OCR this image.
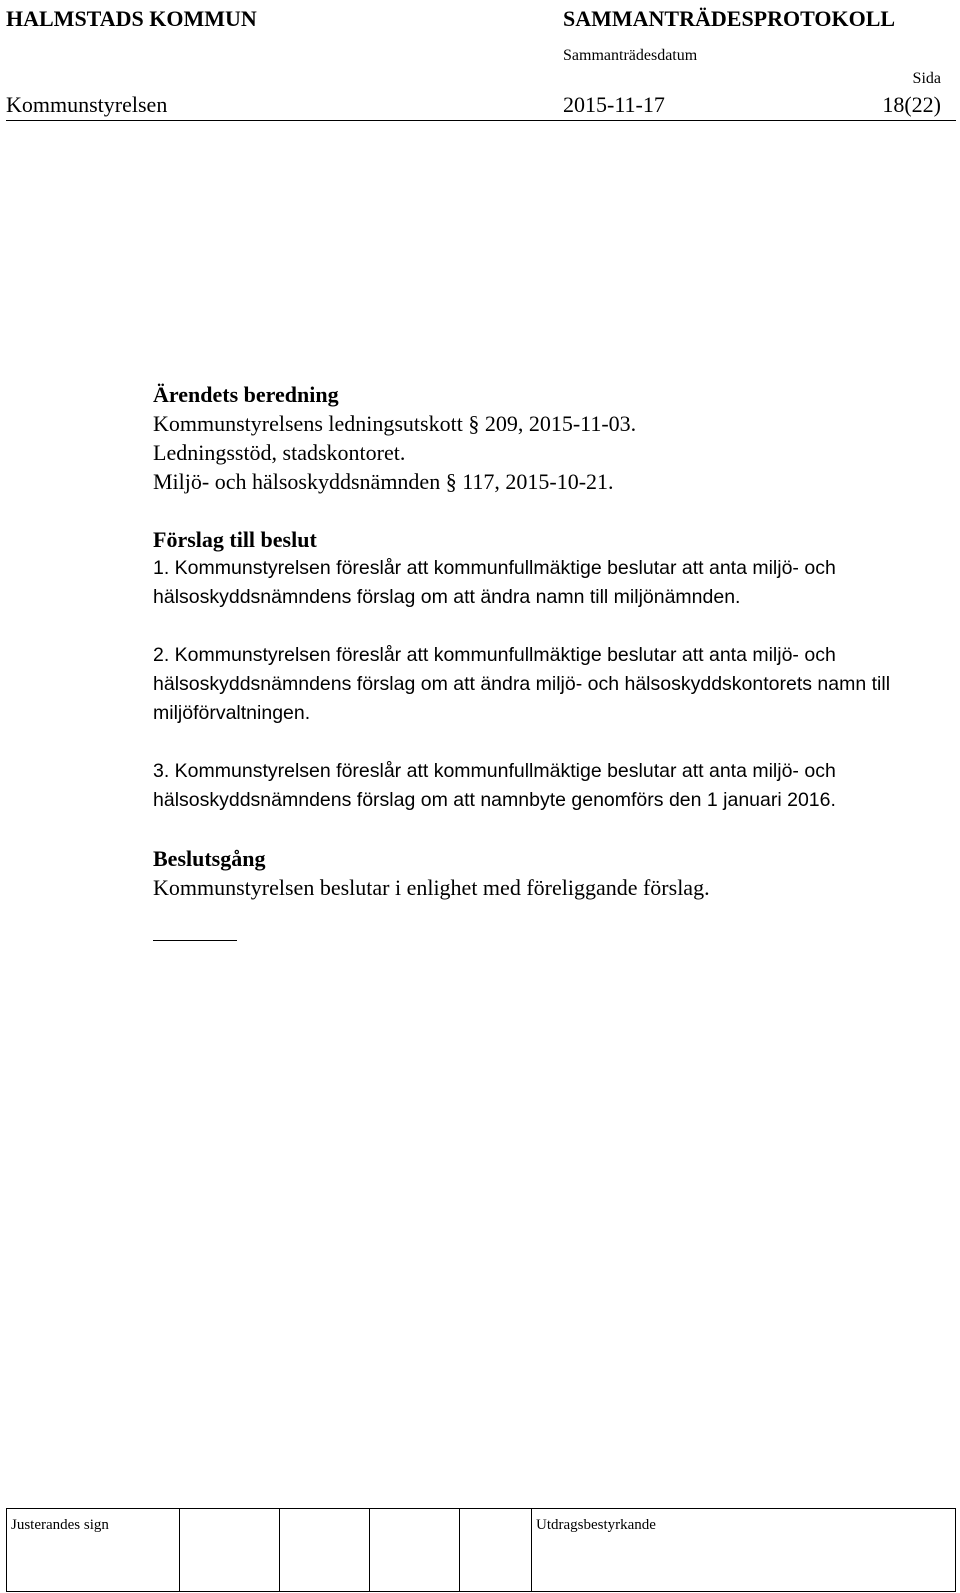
HALMSTADS KOMMUN	SAMMANTRÄDESPROTOKOLL
Sammanträdesdatum
Sida
Kommunstyrelsen	2015-11-17	18(22)
Ärendets beredning

Kommunstyrelsens ledningsutskott § 209, 2015-11-03.

Ledningsstöd, stadskontoret.

Miljö- och hälsoskyddsnämnden § 117, 2015-10-21.

Förslag till beslut

1. Kommunstyrelsen föreslår att kommunfullmäktige beslutar att anta miljö- och hälsoskyddsnämndens förslag om att ändra namn till miljönämnden.

2. Kommunstyrelsen föreslår att kommunfullmäktige beslutar att anta miljö- och hälsoskyddsnämndens förslag om att ändra miljö- och hälsoskyddskontorets namn till miljöförvaltningen.

3. Kommunstyrelsen föreslår att kommunfullmäktige beslutar att anta miljö- och hälsoskyddsnämndens förslag om att namnbyte genomförs den 1 januari 2016.

Beslutsgång

Kommunstyrelsen beslutar i enlighet med föreliggande förslag.

Justerandes sign	Utdragsbestyrkande
